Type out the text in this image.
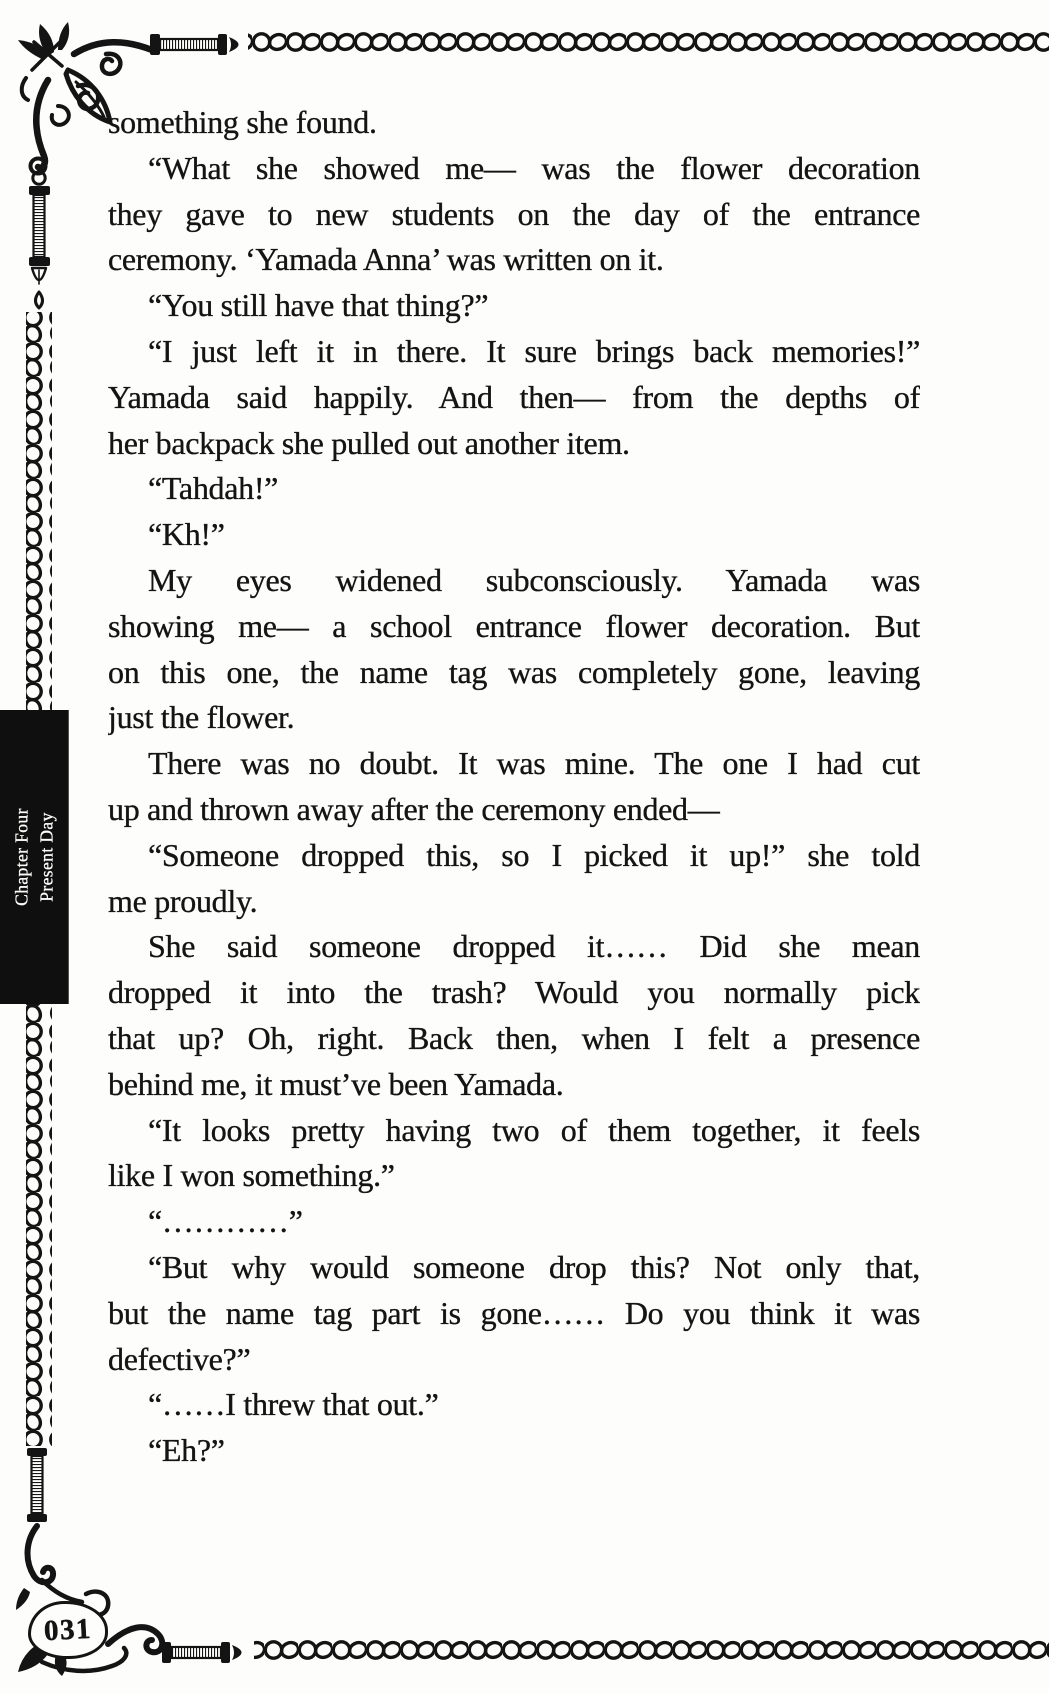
Chapter Four Present Day
031
something she found.
“What she showed me— was the flower decoration
they gave to new students on the day of the entrance
ceremony. ‘Yamada Anna’ was written on it.
“You still have that thing?”
“I just left it in there. It sure brings back memories!”
Yamada said happily. And then— from the depths of
her backpack she pulled out another item.
“Tahdah!”
“Kh!”
My eyes widened subconsciously. Yamada was
showing me— a school entrance flower decoration. But
on this one, the name tag was completely gone, leaving
just the flower.
There was no doubt. It was mine. The one I had cut
up and thrown away after the ceremony ended—
“Someone dropped this, so I picked it up!” she told
me proudly.
She said someone dropped it…… Did she mean
dropped it into the trash? Would you normally pick
that up? Oh, right. Back then, when I felt a presence
behind me, it must’ve been Yamada.
“It looks pretty having two of them together, it feels
like I won something.”
“…………”
“But why would someone drop this? Not only that,
but the name tag part is gone…… Do you think it was
defective?”
“……I threw that out.”
“Eh?”
